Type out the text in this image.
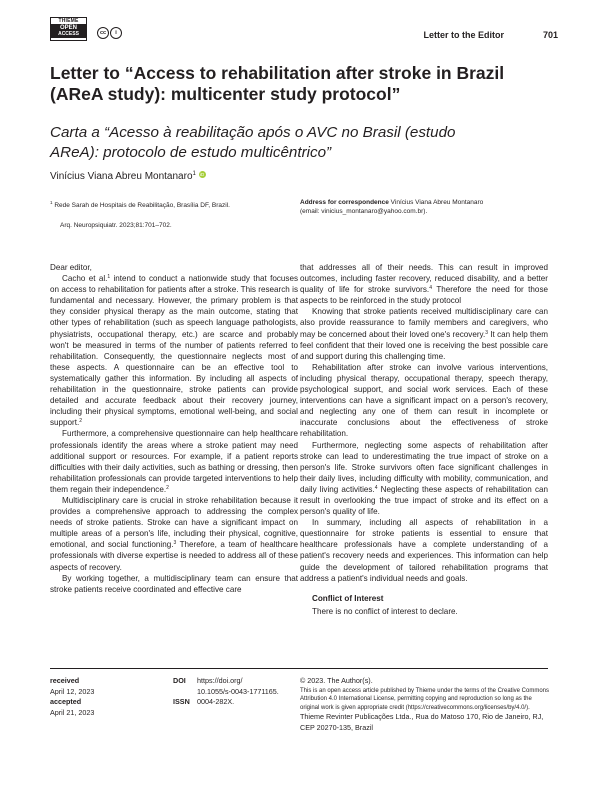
THIEME
OPEN
ACCESS	cc	i	Letter to the Editor	701
Letter to “Access to rehabilitation after stroke in Brazil (AReA study): multicenter study protocol”
Carta a “Acesso à reabilitação após o AVC no Brasil (estudo AReA): protocolo de estudo multicêntrico”
Vinícius Viana Abreu Montanaro$^1$ iD
$^1$ Rede Sarah de Hospitais de Reabilitação, Brasília DF, Brazil.
Arq. Neuropsiquiatr. 2023;81:701–702.
Address for correspondence Vinícius Viana Abreu Montanaro
(email: vinicius_montanaro@yahoo.com.br).

Dear editor,

Cacho et al.$^1$ intend to conduct a nationwide study that focuses on access to rehabilitation for patients after a stroke. This research is fundamental and necessary. However, the primary problem is that they consider physical therapy as the main outcome, stating that other types of rehabilitation (such as speech language pathologists, physiatrists, occupational therapy, etc.) are scarce and probably won't be measured in terms of the number of patients referred to rehabilitation. Consequently, the questionnaire neglects most of these aspects. A questionnaire can be an effective tool to systematically gather this information. By including all aspects of rehabilitation in the questionnaire, stroke patients can provide detailed and accurate feedback about their recovery journey, including their physical symptoms, emotional well-being, and social support.$^2$

Furthermore, a comprehensive questionnaire can help healthcare professionals identify the areas where a stroke patient may need additional support or resources. For example, if a patient reports difficulties with their daily activities, such as bathing or dressing, then rehabilitation professionals can provide targeted interventions to help them regain their independence.$^2$

Multidisciplinary care is crucial in stroke rehabilitation because it provides a comprehensive approach to addressing the complex needs of stroke patients. Stroke can have a significant impact on multiple areas of a person's life, including their physical, cognitive, emotional, and social functioning.$^3$ Therefore, a team of healthcare professionals with diverse expertise is needed to address all of these aspects of recovery.

By working together, a multidisciplinary team can ensure that stroke patients receive coordinated and effective care

that addresses all of their needs. This can result in improved outcomes, including faster recovery, reduced disability, and a better quality of life for stroke survivors.$^4$ Therefore the need for those aspects to be reinforced in the study protocol

Knowing that stroke patients received multidisciplinary care can also provide reassurance to family members and caregivers, who may be concerned about their loved one's recovery.$^3$ It can help them feel confident that their loved one is receiving the best possible care and support during this challenging time.

Rehabilitation after stroke can involve various interventions, including physical therapy, occupational therapy, speech therapy, psychological support, and social work services. Each of these interventions can have a significant impact on a person's recovery, and neglecting any one of them can result in incomplete or inaccurate conclusions about the effectiveness of stroke rehabilitation.

Furthermore, neglecting some aspects of rehabilitation after stroke can lead to underestimating the true impact of stroke on a person's life. Stroke survivors often face significant challenges in their daily lives, including difficulty with mobility, communication, and daily living activities.$^4$ Neglecting these aspects of rehabilitation can result in overlooking the true impact of stroke and its effect on a person's quality of life.

In summary, including all aspects of rehabilitation in a questionnaire for stroke patients is essential to ensure that healthcare professionals have a complete understanding of a patient's recovery needs and experiences. This information can help guide the development of tailored rehabilitation programs that address a patient's individual needs and goals.

Conflict of Interest

There is no conflict of interest to declare.

received
April 12, 2023
accepted
April 21, 2023
DOI https://doi.org/
10.1055/s-0043-1771165.
ISSN 0004-282X.
© 2023. The Author(s).
This is an open access article published by Thieme under the terms of the Creative Commons Attribution 4.0 International License, permitting copying and reproduction so long as the original work is given appropriate credit (https://creativecommons.org/licenses/by/4.0/).
Thieme Revinter Publicações Ltda., Rua do Matoso 170, Rio de Janeiro, RJ, CEP 20270-135, Brazil
